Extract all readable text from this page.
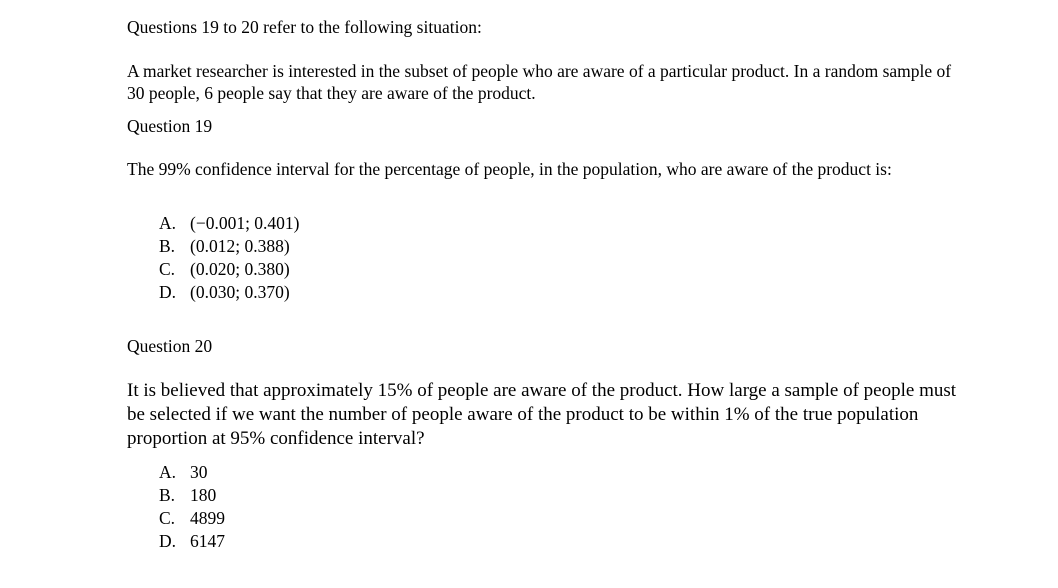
Questions 19 to 20 refer to the following situation:
A market researcher is interested in the subset of people who are aware of a particular product. In a random sample of 30 people, 6 people say that they are aware of the product.
Question 19
The 99% confidence interval for the percentage of people, in the population, who are aware of the product is:
A. (−0.001; 0.401)
B. (0.012; 0.388)
C. (0.020; 0.380)
D. (0.030; 0.370)
Question 20
It is believed that approximately 15% of people are aware of the product. How large a sample of people must be selected if we want the number of people aware of the product to be within 1% of the true population proportion at 95% confidence interval?
A. 30
B. 180
C. 4899
D. 6147
